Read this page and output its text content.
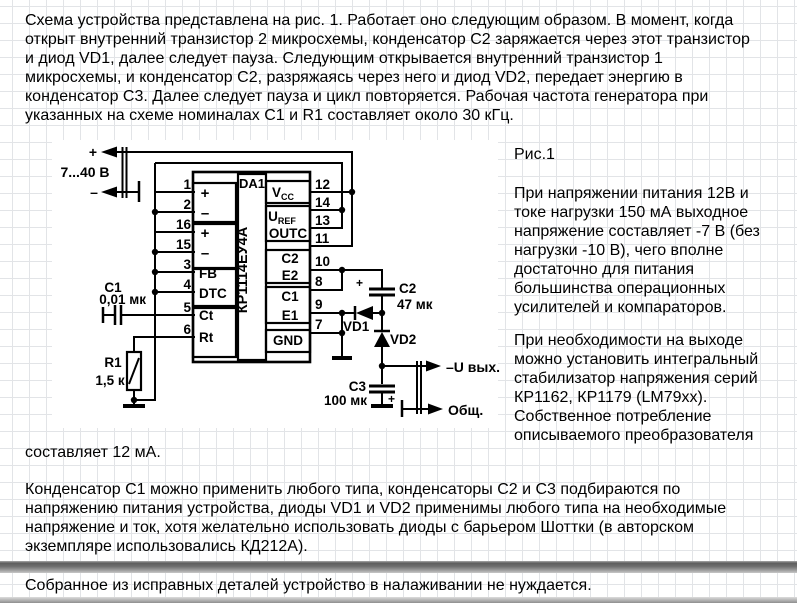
Схема устройства представлена на рис. 1. Работает оно следующим образом. В момент, когда
открыт внутренний транзистор 2 микросхемы, конденсатор С2 заряжается через этот транзистор
и диод VD1, далее следует пауза. Следующим открывается внутренний транзистор 1
микросхемы, и конденсатор С2, разряжаясь через него и диод VD2, передает энергию в
конденсатор С3. Далее следует пауза и цикл повторяется. Рабочая частота генератора при
указанных на схеме номиналах С1 и R1 составляет около 30 кГц.
DA1
КР1114ЕУ4А
+
–
+
–
FB
DTC
Ct
Rt
$V_{CC}$
$U_{REF}$
OUTC
C2
E2
C1
E1
GND
1
2
16
15
3
4
5
6
12
14
13
11
10
8
9
7
7...40 В
+
–
C1
0,01 мк
R1
1,5 к
+	C2
47 мк
VD1
VD2
C3
100 мк +
–U вых.
Общ.
Рис.1
При напряжении питания 12В и
токе нагрузки 150 мА выходное
напряжение составляет -7 В (без
нагрузки -10 В), чего вполне
достаточно для питания
большинства операционных
усилителей и компараторов.
При необходимости на выходе
можно установить интегральный
стабилизатор напряжения серий
КР1162, КР1179 (LM79xx).
Собственное потребление
описываемого преобразователя
составляет 12 мА.
Конденсатор С1 можно применить любого типа, конденсаторы С2 и С3 подбираются по
напряжению питания устройства, диоды VD1 и VD2 применимы любого типа на необходимые
напряжение и ток, хотя желательно использовать диоды с барьером Шоттки (в авторском
экземпляре использовались КД212А).
Собранное из исправных деталей устройство в налаживании не нуждается.
